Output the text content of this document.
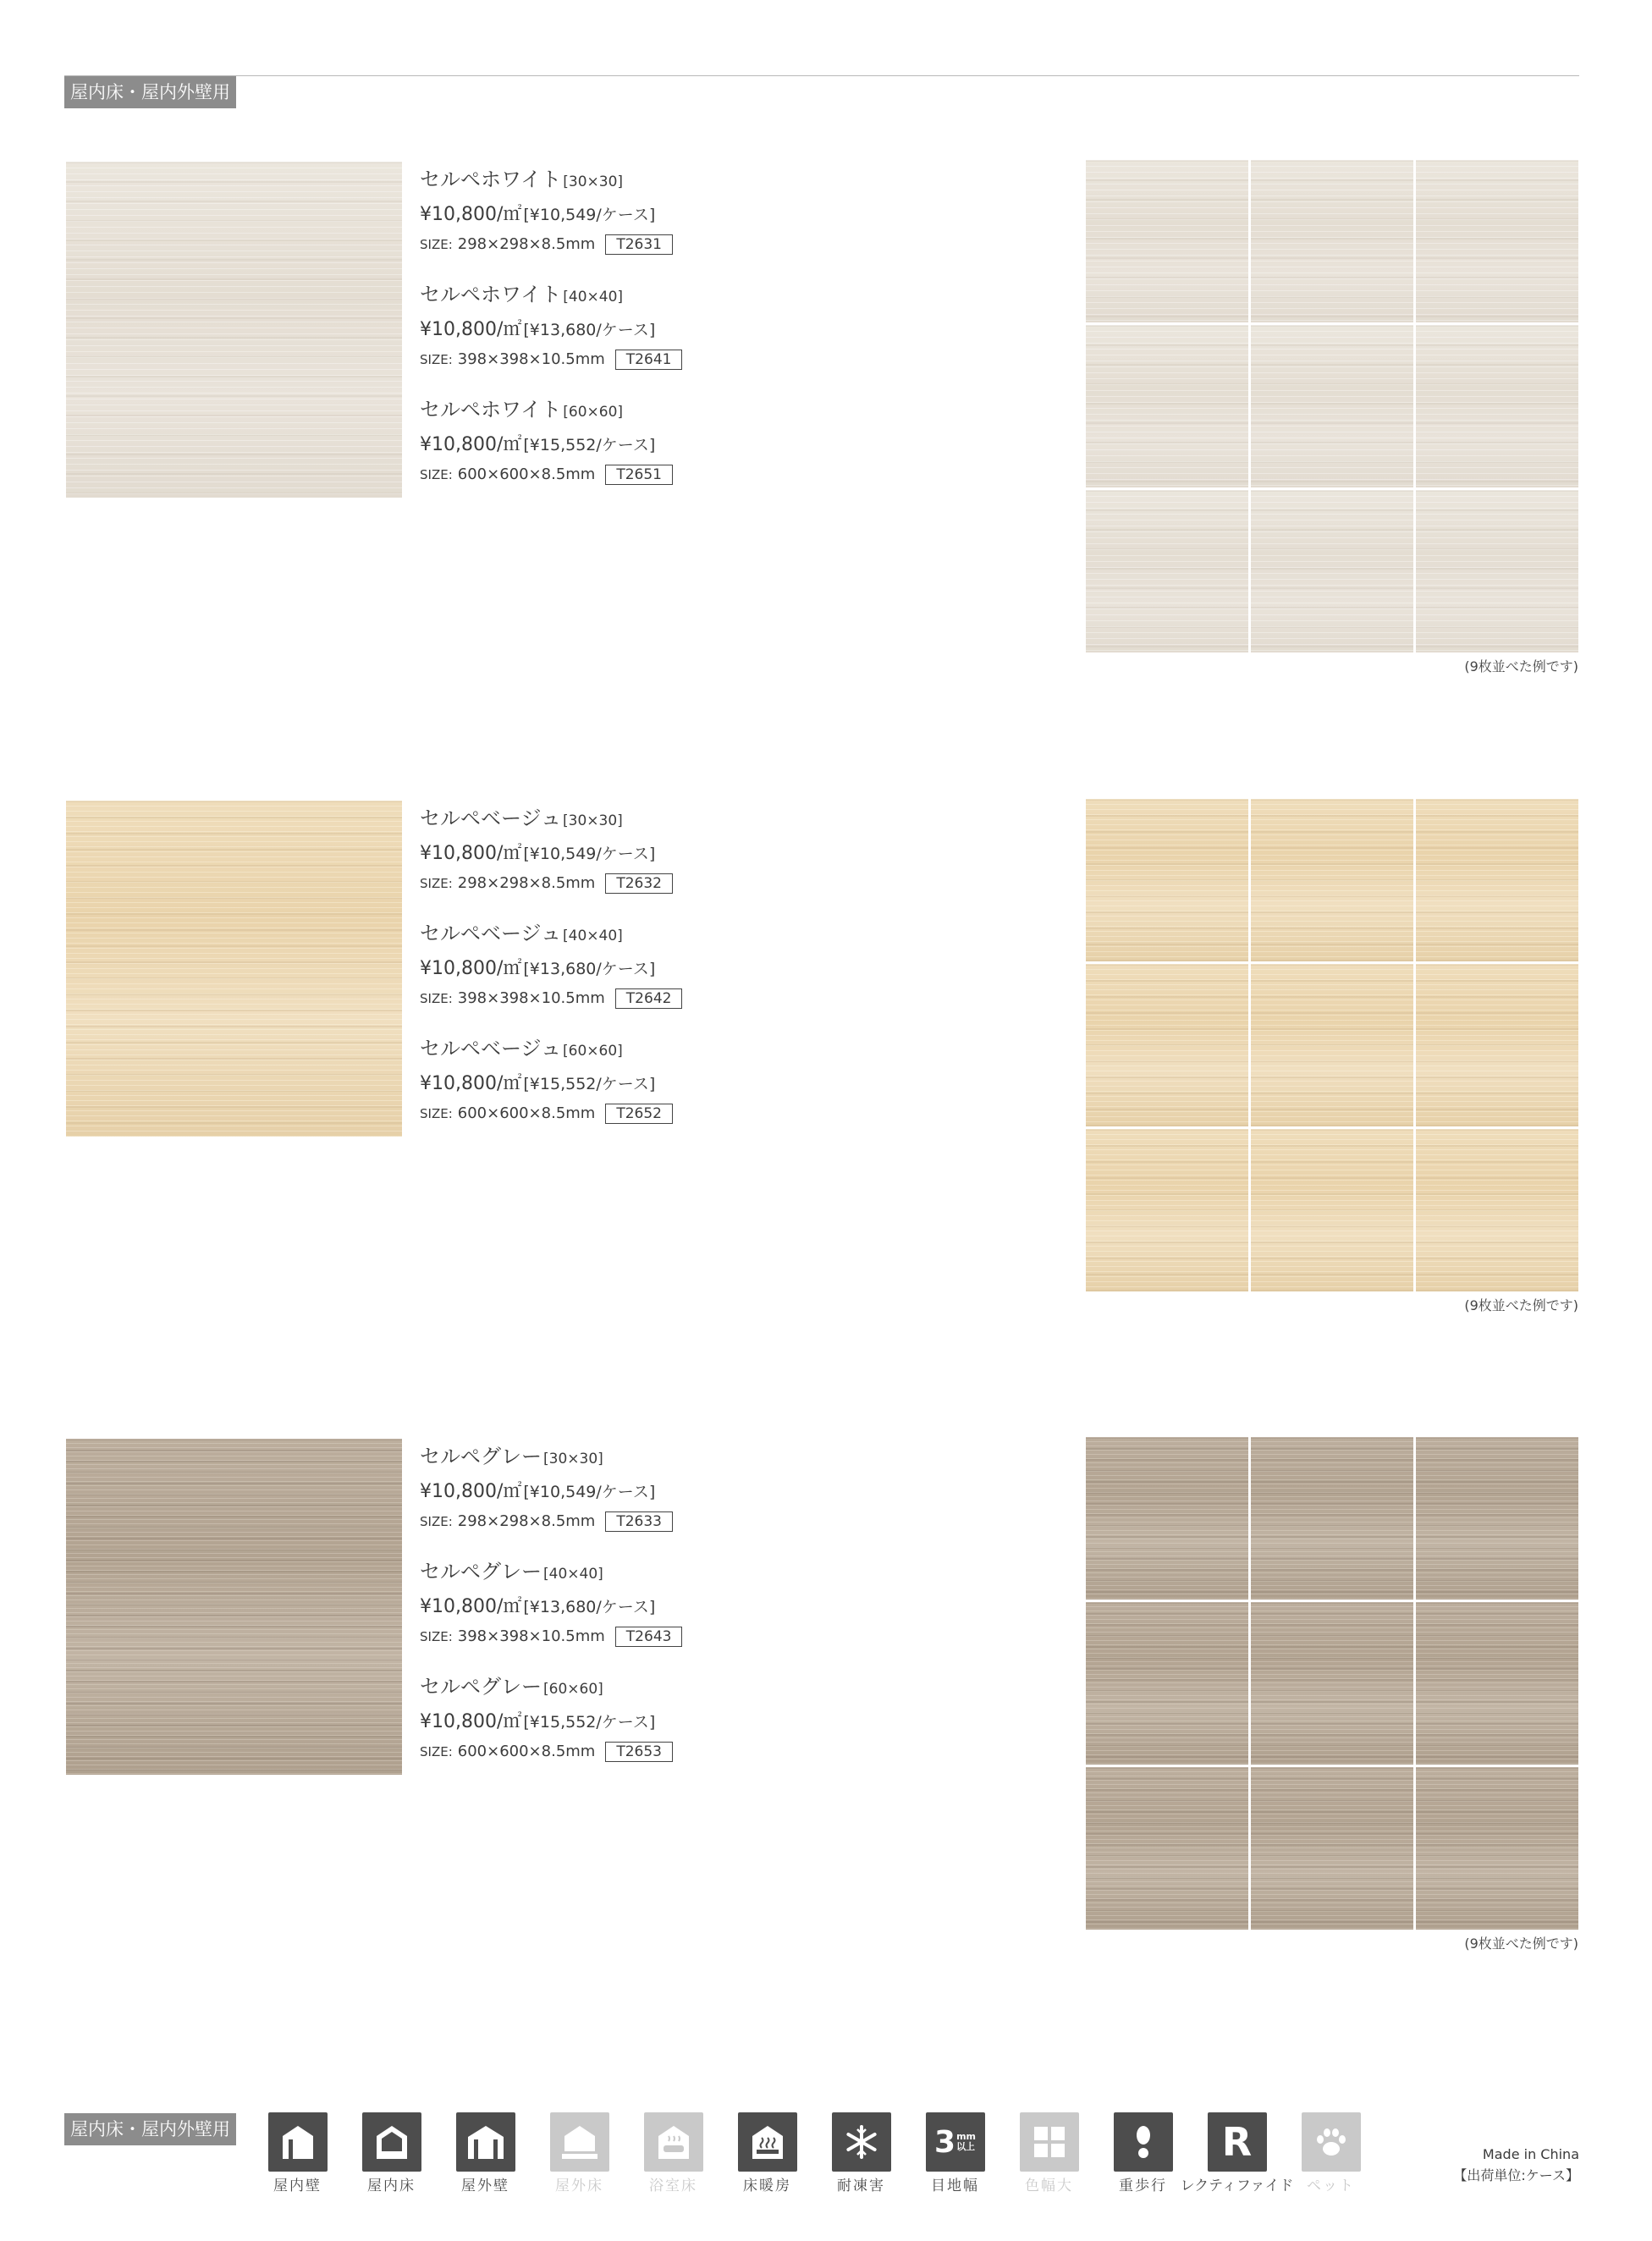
屋内床・屋内外壁用
セルペホワイト [30×30]
¥10,800/㎡ [¥10,549/ケース]
SIZE: 298×298×8.5mm	T2631
セルペホワイト [40×40]
¥10,800/㎡ [¥13,680/ケース]
SIZE: 398×398×10.5mm	T2641
セルペホワイト [60×60]
¥10,800/㎡ [¥15,552/ケース]
SIZE: 600×600×8.5mm	T2651
(9枚並べた例です)
セルペベージュ [30×30]
¥10,800/㎡ [¥10,549/ケース]
SIZE: 298×298×8.5mm	T2632
セルペベージュ [40×40]
¥10,800/㎡ [¥13,680/ケース]
SIZE: 398×398×10.5mm	T2642
セルペベージュ [60×60]
¥10,800/㎡ [¥15,552/ケース]
SIZE: 600×600×8.5mm	T2652
(9枚並べた例です)
セルペグレー [30×30]
¥10,800/㎡ [¥10,549/ケース]
SIZE: 298×298×8.5mm	T2633
セルペグレー [40×40]
¥10,800/㎡ [¥13,680/ケース]
SIZE: 398×398×10.5mm	T2643
セルペグレー [60×60]
¥10,800/㎡ [¥15,552/ケース]
SIZE: 600×600×8.5mm	T2653
(9枚並べた例です)
屋内床・屋内外壁用
屋内壁	屋内床	屋外壁	屋外床	浴室床	床暖房	耐凍害
3 mm
以上
目地幅	色幅大	重歩行
R
レクティファイド ペット
Made in China
【出荷単位:ケース】
